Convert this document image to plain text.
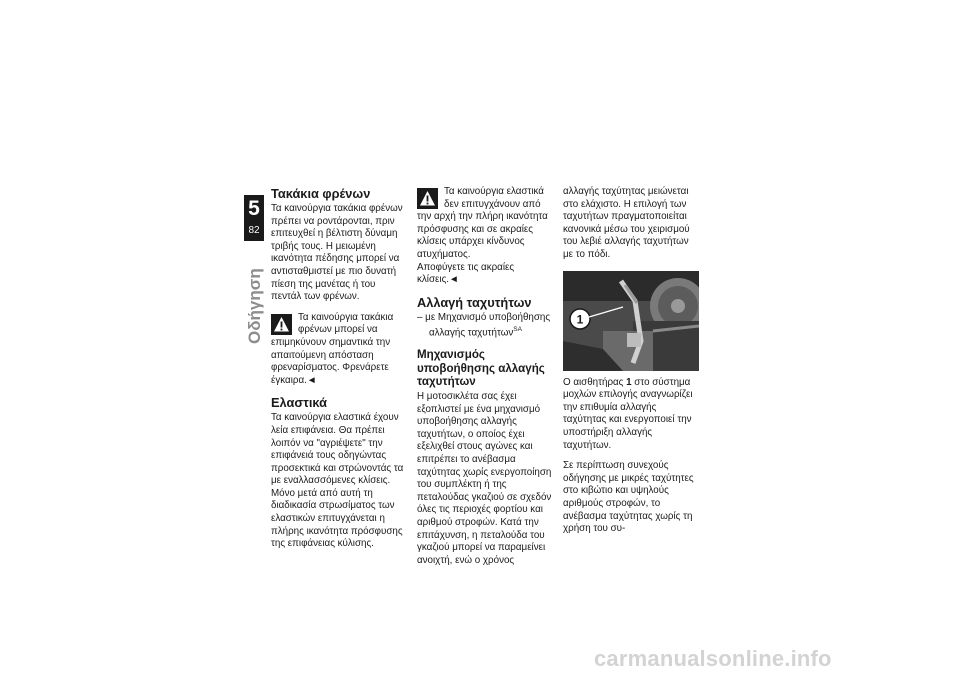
5
82
Οδήγηση
Τακάκια φρένων

Τα καινούργια τακάκια φρένων πρέπει να ροντάρονται, πριν επιτευχθεί η βέλτιστη δύναμη τριβής τους. Η μειωμένη ικανότητα πέδησης μπορεί να αντισταθμιστεί με πιο δυνατή πίεση της μανέτας ή του πεντάλ των φρένων.

Τα καινούργια τακάκια φρένων μπορεί να επιμηκύνουν σημαντικά την απαιτούμενη απόσταση φρεναρίσματος. Φρενάρετε έγκαιρα.◄

Ελαστικά

Τα καινούργια ελαστικά έχουν λεία επιφάνεια. Θα πρέπει λοιπόν να "αγριέψετε" την επιφάνειά τους οδηγώντας προσεκτικά και στρώνοντάς τα με εναλλασσόμενες κλίσεις. Μόνο μετά από αυτή τη διαδικασία στρωσίματος των ελαστικών επιτυγχάνεται η πλήρης ικανότητα πρόσφυσης της επιφάνειας κύλισης.

Τα καινούργια ελαστικά δεν επιτυγχάνουν από την αρχή την πλήρη ικανότητα πρόσφυσης και σε ακραίες κλίσεις υπάρχει κίνδυνος ατυχήματος.

Αποφύγετε τις ακραίες κλίσεις.◄

Αλλαγή ταχυτήτων

– με Μηχανισμό υποβοήθησης αλλαγής ταχυτήτων$^{SA}$

Μηχανισμός υποβοήθησης αλλαγής ταχυτήτων

Η μοτοσικλέτα σας έχει εξοπλιστεί με ένα μηχανισμό υποβοήθησης αλλαγής ταχυτήτων, ο οποίος έχει εξελιχθεί στους αγώνες και επιτρέπει το ανέβασμα ταχύτητας χωρίς ενεργοποίηση του συμπλέκτη ή της πεταλούδας γκαζιού σε σχεδόν όλες τις περιοχές φορτίου και αριθμού στροφών. Κατά την επιτάχυνση, η πεταλούδα του γκαζιού μπορεί να παραμείνει ανοιχτή, ενώ ο χρόνος

αλλαγής ταχύτητας μειώνεται στο ελάχιστο. Η επιλογή των ταχυτήτων πραγματοποιείται κανονικά μέσω του χειρισμού του λεβιέ αλλαγής ταχυτήτων με το πόδι.

1

Ο αισθητήρας 1 στο σύστημα μοχλών επιλογής αναγνωρίζει την επιθυμία αλλαγής ταχύτητας και ενεργοποιεί την υποστήριξη αλλαγής ταχυτήτων.

Σε περίπτωση συνεχούς οδήγησης με μικρές ταχύτητες στο κιβώτιο και υψηλούς αριθμούς στροφών, το ανέβασμα ταχύτητας χωρίς τη χρήση του συ-

carmanualsonline.info
